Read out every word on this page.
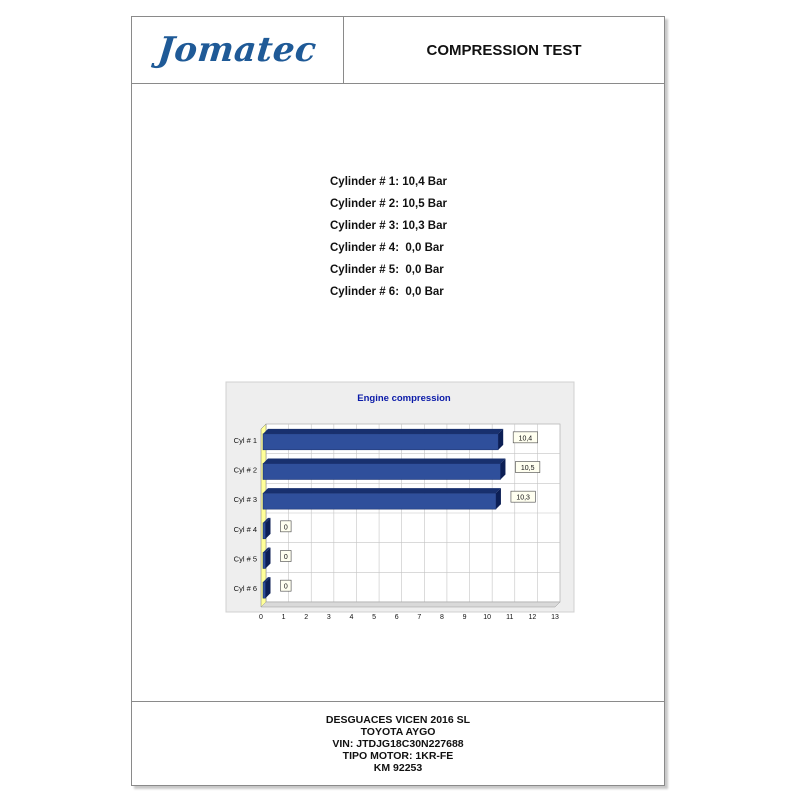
Jomatec	COMPRESSION TEST
Cylinder # 1: 10,4 Bar
Cylinder # 2: 10,5 Bar
Cylinder # 3: 10,3 Bar
Cylinder # 4:  0,0 Bar
Cylinder # 5:  0,0 Bar
Cylinder # 6:  0,0 Bar
Engine compression
0	1	2	3	4	5	6	7	8	9 10 11 12 13
Cyl # 1	10,4
Cyl # 2	10,5
Cyl # 3	10,3
Cyl # 4	0
Cyl # 5	0
Cyl # 6	0
DESGUACES VICEN 2016 SL
TOYOTA AYGO
VIN: JTDJG18C30N227688
TIPO MOTOR: 1KR-FE
KM 92253
